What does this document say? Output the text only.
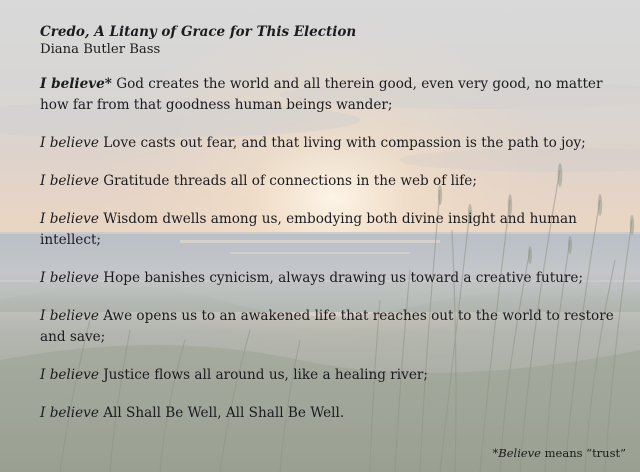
Credo, A Litany of Grace for This Election

Diana Butler Bass

I believe* God creates the world and all therein good, even very good, no matter how far from that goodness human beings wander;

I believe Love casts out fear, and that living with compassion is the path to joy;

I believe Gratitude threads all of connections in the web of life;

I believe Wisdom dwells among us, embodying both divine insight and human intellect;

I believe Hope banishes cynicism, always drawing us toward a creative future;

I believe Awe opens us to an awakened life that reaches out to the world to restore and save;

I believe Justice flows all around us, like a healing river;

I believe All Shall Be Well, All Shall Be Well.

*Believe means “trust”
